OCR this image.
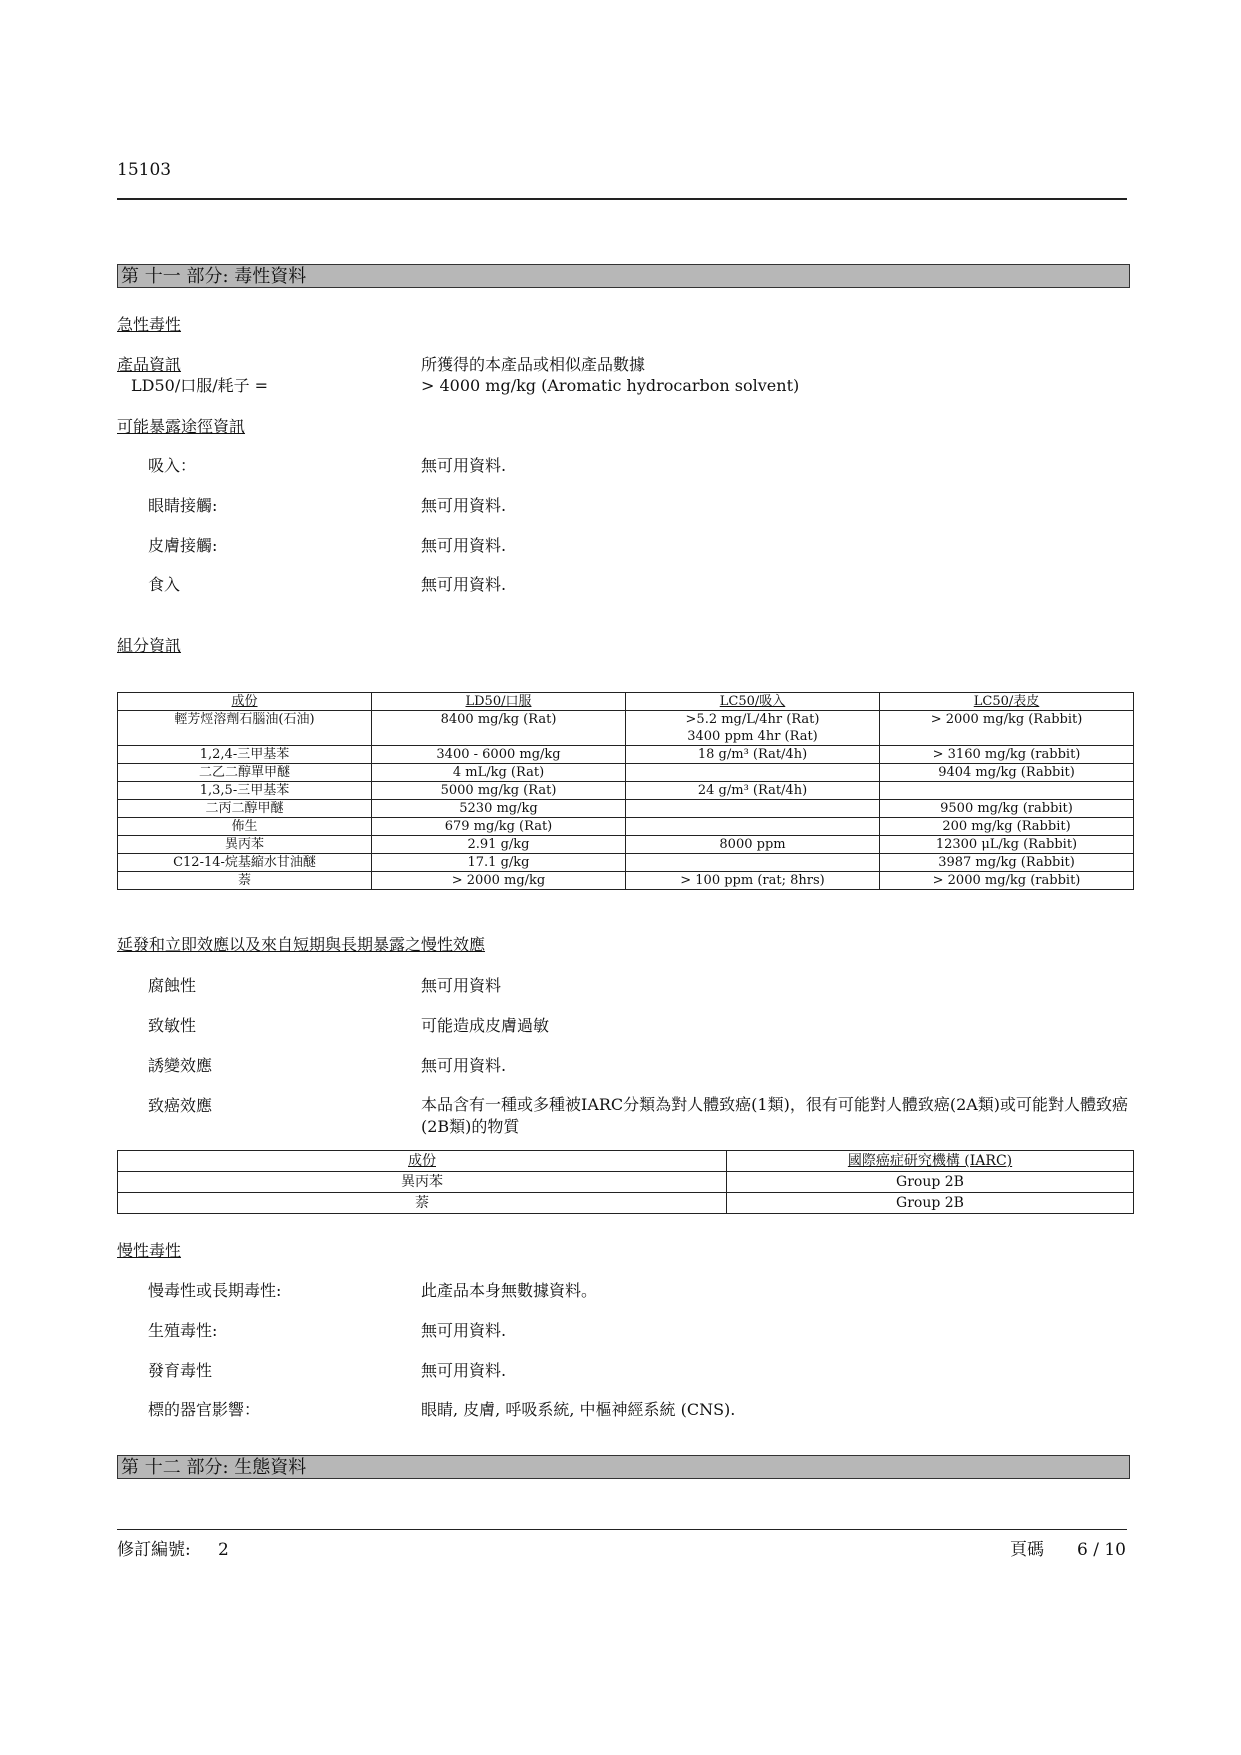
15103
第 十一 部分: 毒性資料
急性毒性
產品資訊	所獲得的本產品或相似產品數據
LD50/口服/耗子 =	> 4000 mg/kg (Aromatic hydrocarbon solvent)
可能暴露途徑資訊
吸入：	無可用資料.
眼睛接觸:	無可用資料.
皮膚接觸:	無可用資料.
食入	無可用資料.
組分資訊
成份	LD50/口服	LC50/吸入	LC50/表皮
輕芳烴溶劑石腦油(石油)	8400 mg/kg (Rat)	>5.2 mg/L/4hr (Rat)	> 2000 mg/kg (Rabbit)
		3400 ppm 4hr (Rat)	
1,2,4-三甲基苯	3400 - 6000 mg/kg	18 g/m³ (Rat/4h)	> 3160 mg/kg (rabbit)
二乙二醇單甲醚	4 mL/kg (Rat)		9404 mg/kg (Rabbit)
1,3,5-三甲基苯	5000 mg/kg (Rat)	24 g/m³ (Rat/4h)	
二丙二醇甲醚	5230 mg/kg		9500 mg/kg (rabbit)
佈生	679 mg/kg (Rat)		200 mg/kg (Rabbit)
異丙苯	2.91 g/kg	8000 ppm	12300 μL/kg (Rabbit)
C12-14-烷基縮水甘油醚	17.1 g/kg		3987 mg/kg (Rabbit)
萘	> 2000 mg/kg	> 100 ppm (rat; 8hrs)	> 2000 mg/kg (rabbit)
延發和立即效應以及來自短期與長期暴露之慢性效應
腐蝕性	無可用資料
致敏性	可能造成皮膚過敏
誘變效應	無可用資料.
致癌效應	本品含有一種或多種被IARC分類為對人體致癌(1類)，很有可能對人體致癌(2A類)或可能對人體致癌(2B類)的物質
成份	國際癌症研究機構 (IARC)
異丙苯	Group 2B
萘	Group 2B
慢性毒性
慢毒性或長期毒性:	此產品本身無數據資料。
生殖毒性:	無可用資料.
發育毒性	無可用資料.
標的器官影響：	眼睛, 皮膚, 呼吸系統, 中樞神經系統 (CNS).
第 十二 部分: 生態資料
修訂編號: 2	頁碼 6 / 10
